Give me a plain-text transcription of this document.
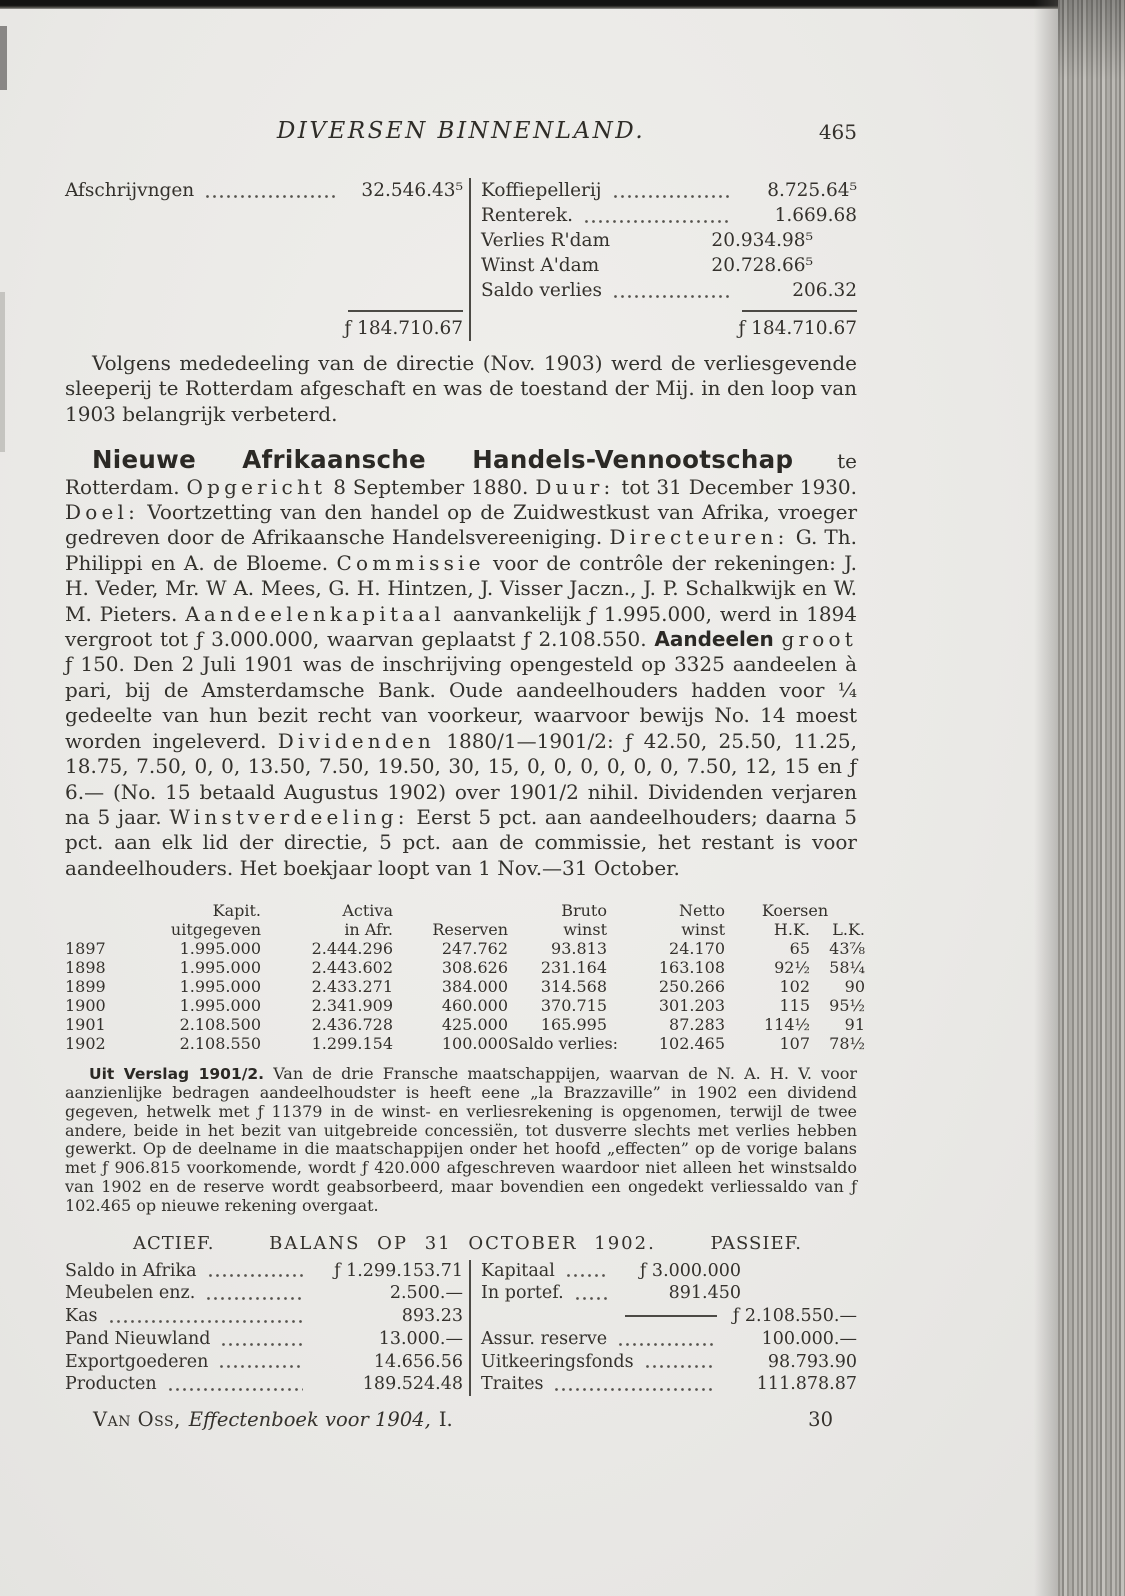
DIVERSEN BINNENLAND.	465
Afschrijvngen	32.546.43⁵
ƒ 184.710.67
Koffiepellerij	8.725.64⁵
Renterek.	1.669.68
Verlies R'dam	20.934.98⁵
Winst A'dam	20.728.66⁵
Saldo verlies	206.32
ƒ 184.710.67

Volgens mededeeling van de directie (Nov. 1903) werd de verliesgevende sleeperij te Rotterdam afgeschaft en was de toestand der Mij. in den loop van 1903 belangrijk verbeterd.

Nieuwe Afrikaansche Handels-Vennootschap te Rotterdam. Opgericht 8 September 1880. Duur: tot 31 December 1930. Doel: Voortzetting van den handel op de Zuidwestkust van Afrika, vroeger gedreven door de Afrikaansche Handelsvereeniging. Directeuren: G. Th. Philippi en A. de Bloeme. Commissie voor de contrôle der rekeningen: J. H. Veder, Mr. W A. Mees, G. H. Hintzen, J. Visser Jaczn., J. P. Schalkwijk en W. M. Pieters. Aandeelenkapitaal aanvankelijk ƒ 1.995.000, werd in 1894 vergroot tot ƒ 3.000.000, waarvan geplaatst ƒ 2.108.550. Aandeelen groot ƒ 150. Den 2 Juli 1901 was de inschrijving opengesteld op 3325 aandeelen à pari, bij de Amsterdamsche Bank. Oude aandeelhouders hadden voor ¼ gedeelte van hun bezit recht van voorkeur, waarvoor bewijs No. 14 moest worden ingeleverd. Dividenden 1880/1—1901/2: ƒ 42.50, 25.50, 11.25, 18.75, 7.50, 0, 0, 13.50, 7.50, 19.50, 30, 15, 0, 0, 0, 0, 0, 0, 7.50, 12, 15 en ƒ 6.— (No. 15 betaald Augustus 1902) over 1901/2 nihil. Dividenden verjaren na 5 jaar. Winstverdeeling: Eerst 5 pct. aan aandeelhouders; daarna 5 pct. aan elk lid der directie, 5 pct. aan de commissie, het restant is voor aandeelhouders. Het boekjaar loopt van 1 Nov.—31 October.

	Kapit.	Activa		Bruto	Netto	Koersen	
	uitgegeven	in Afr.	Reserven	winst	winst	H.K.	L.K.
1897	1.995.000	2.444.296	247.762	93.813	24.170	65	43⅞
1898	1.995.000	2.443.602	308.626	231.164	163.108	92½	58¼
1899	1.995.000	2.433.271	384.000	314.568	250.266	102	90
1900	1.995.000	2.341.909	460.000	370.715	301.203	115	95½
1901	2.108.500	2.436.728	425.000	165.995	87.283	114½	91
1902	2.108.550	1.299.154	100.000	Saldo verlies:	102.465	107	78½

Uit Verslag 1901/2. Van de drie Fransche maatschappijen, waarvan de N. A. H. V. voor aanzienlijke bedragen aandeelhoudster is heeft eene „la Brazzaville” in 1902 een dividend gegeven, hetwelk met ƒ 11379 in de winst- en verliesrekening is opgenomen, terwijl de twee andere, beide in het bezit van uitgebreide concessiën, tot dusverre slechts met verlies hebben gewerkt. Op de deelname in die maatschappijen onder het hoofd „effecten” op de vorige balans met ƒ 906.815 voorkomende, wordt ƒ 420.000 afgeschreven waardoor niet alleen het winstsaldo van 1902 en de reserve wordt geabsorbeerd, maar bovendien een ongedekt verliessaldo van ƒ 102.465 op nieuwe rekening overgaat.

ACTIEF.	BALANS OP 31 OCTOBER 1902.	PASSIEF.
Saldo in Afrika	ƒ 1.299.153.71
Meubelen enz.	2.500.—
Kas	893.23
Pand Nieuwland	13.000.—
Exportgoederen	14.656.56
Producten	189.524.48
Kapitaal	ƒ 3.000.000
In portef.	891.450
ƒ 2.108.550.—
Assur. reserve	100.000.—
Uitkeeringsfonds	98.793.90
Traites	111.878.87
Van Oss, Effectenboek voor 1904, I.	30
